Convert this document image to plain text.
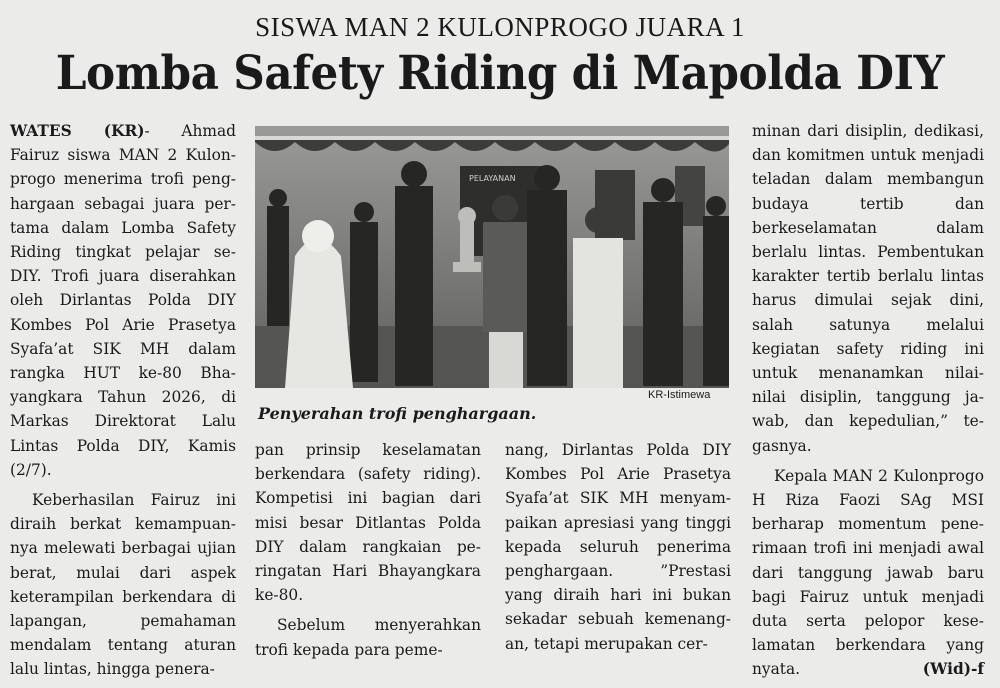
SISWA MAN 2 KULONPROGO JUARA 1
Lomba Safety Riding di Mapolda DIY

WATES (KR)- Ahmad Fairuz siswa MAN 2 Kulonprogo menerima trofi penghargaan sebagai juara pertama dalam Lomba Safety Riding tingkat pelajar se-DIY. Trofi juara diserahkan oleh Dirlantas Polda DIY Kombes Pol Arie Prasetya Syafa’at SIK MH dalam rangka HUT ke-80 Bhayangkara Tahun 2026, di Markas Direktorat Lalu Lintas Polda DIY, Kamis (2/7).

Keberhasilan Fairuz ini diraih berkat kemampuannya melewati berbagai ujian berat, mulai dari aspek keterampilan berkendara di lapangan, pemahaman mendalam tentang aturan lalu lintas, hingga penera-

PELAYANAN
KR-Istimewa
Penyerahan trofi penghargaan.

pan prinsip keselamatan berkendara (safety riding). Kompetisi ini bagian dari misi besar Ditlantas Polda DIY dalam rangkaian peringatan Hari Bhayangkara ke-80.

Sebelum menyerahkan trofi kepada para peme-

nang, Dirlantas Polda DIY Kombes Pol Arie Prasetya Syafa’at SIK MH menyampaikan apresiasi yang tinggi kepada seluruh penerima penghargaan. ”Prestasi yang diraih hari ini bukan sekadar sebuah kemenangan, tetapi merupakan cer-

minan dari disiplin, dedikasi, dan komitmen untuk menjadi teladan dalam membangun budaya tertib dan berkeselamatan dalam berlalu lintas. Pembentukan karakter tertib berlalu lintas harus dimulai sejak dini, salah satunya melalui kegiatan safety riding ini untuk menanamkan nilai-nilai disiplin, tanggung jawab, dan kepedulian,” tegasnya.

Kepala MAN 2 Kulonprogo H Riza Faozi SAg MSI berharap momentum penerimaan trofi ini menjadi awal dari tanggung jawab baru bagi Fairuz untuk menjadi duta serta pelopor keselamatan berkendara yang nyata.	(Wid)-f
